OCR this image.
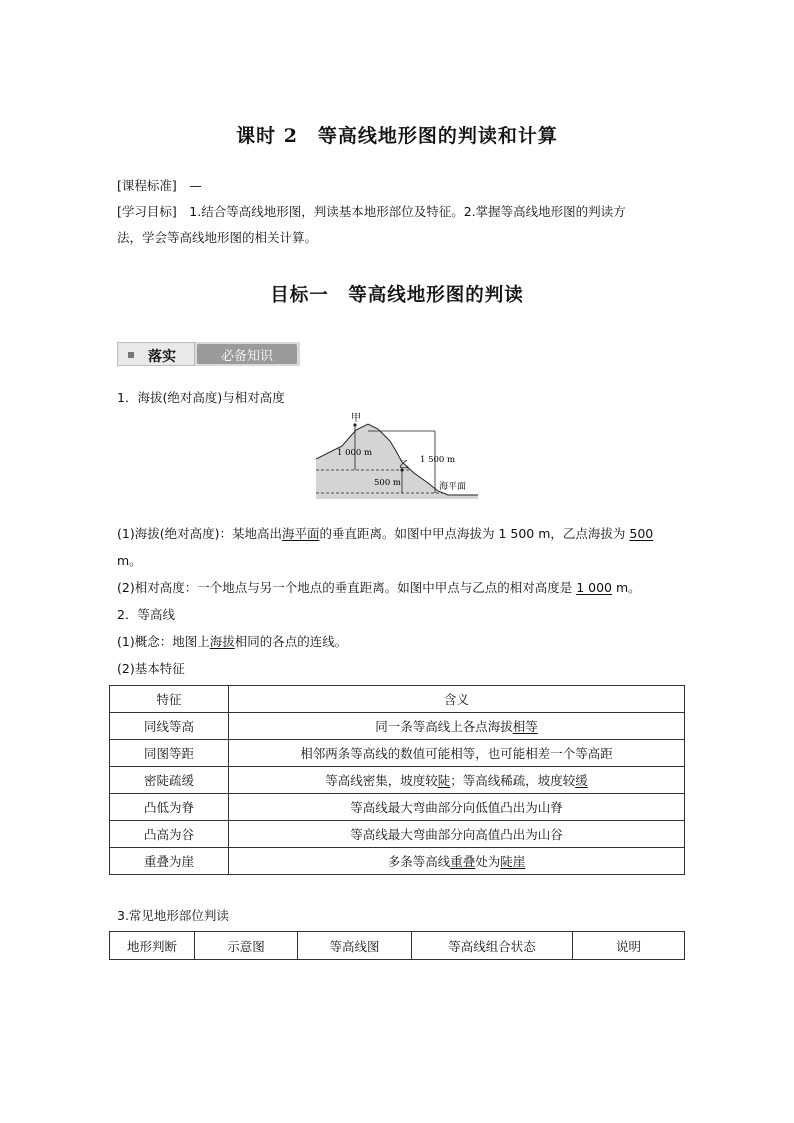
课时 2　等高线地形图的判读和计算
[课程标准]　 —
[学习目标]　 1.结合等高线地形图，判读基本地形部位及特征。2.掌握等高线地形图的判读方
法，学会等高线地形图的相关计算。
目标一　等高线地形图的判读
落实	必备知识
1．海拔(绝对高度)与相对高度
甲
乙
1 000 m
500 m
1 500 m
海平面
(1)海拔(绝对高度)：某地高出海平面的垂直距离。如图中甲点海拔为 1 500 m，乙点海拔为 500
m。
(2)相对高度：一个地点与另一个地点的垂直距离。如图中甲点与乙点的相对高度是 1 000 m。
2．等高线
(1)概念：地图上海拔相同的各点的连线。
(2)基本特征
特征	含义
同线等高	同一条等高线上各点海拔相等
同图等距	相邻两条等高线的数值可能相等，也可能相差一个等高距
密陡疏缓	等高线密集，坡度较陡；等高线稀疏，坡度较缓
凸低为脊	等高线最大弯曲部分向低值凸出为山脊
凸高为谷	等高线最大弯曲部分向高值凸出为山谷
重叠为崖	多条等高线重叠处为陡崖
3.常见地形部位判读
地形判断	示意图	等高线图	等高线组合状态	说明
